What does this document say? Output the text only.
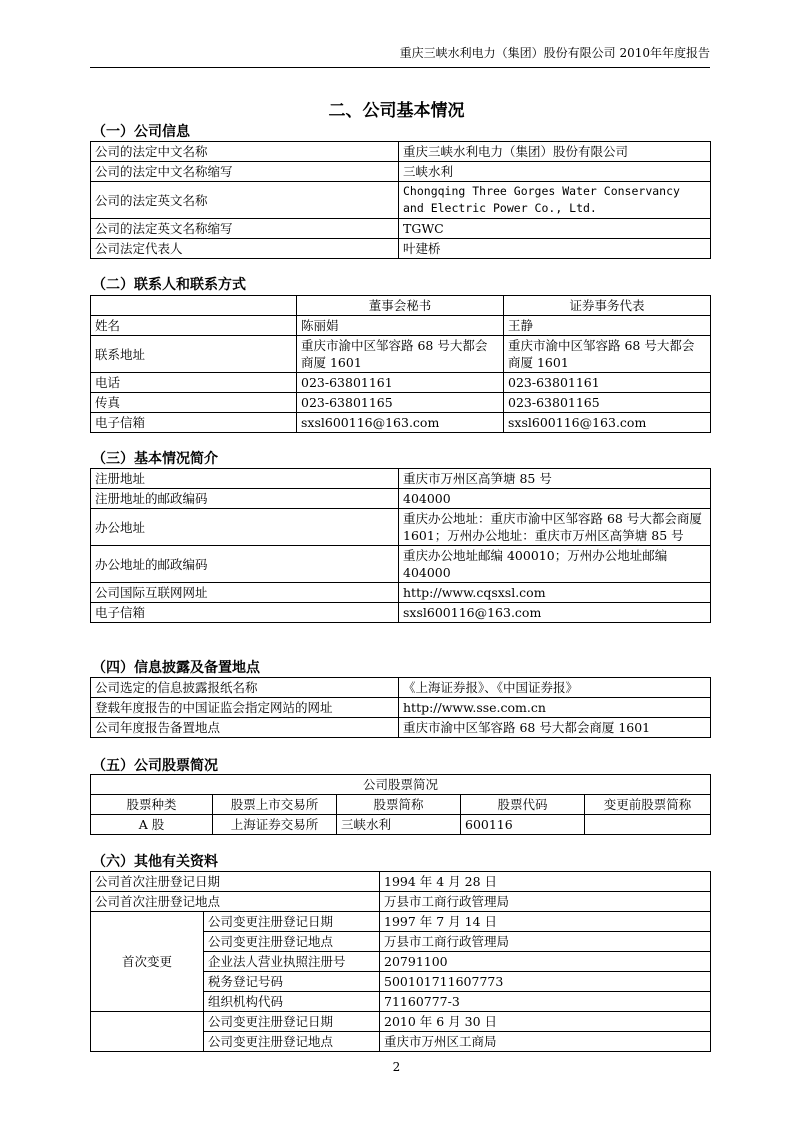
重庆三峡水利电力（集团）股份有限公司 2010年年度报告
二、公司基本情况
（一）公司信息
公司的法定中文名称	重庆三峡水利电力（集团）股份有限公司
公司的法定中文名称缩写	三峡水利
公司的法定英文名称	Chongqing Three Gorges Water Conservancy and Electric Power Co., Ltd.
公司的法定英文名称缩写	TGWC
公司法定代表人	叶建桥
（二）联系人和联系方式
	董事会秘书	证券事务代表
姓名	陈丽娟	王静
联系地址	重庆市渝中区邹容路 68 号大都会商厦 1601	重庆市渝中区邹容路 68 号大都会商厦 1601
电话	023-63801161	023-63801161
传真	023-63801165	023-63801165
电子信箱	sxsl600116@163.com	sxsl600116@163.com
（三）基本情况简介
注册地址	重庆市万州区高笋塘 85 号
注册地址的邮政编码	404000
办公地址	重庆办公地址：重庆市渝中区邹容路 68 号大都会商厦 1601；万州办公地址：重庆市万州区高笋塘 85 号
办公地址的邮政编码	重庆办公地址邮编 400010；万州办公地址邮编 404000
公司国际互联网网址	http://www.cqsxsl.com
电子信箱	sxsl600116@163.com
（四）信息披露及备置地点
公司选定的信息披露报纸名称	《上海证券报》、《中国证券报》
登载年度报告的中国证监会指定网站的网址	http://www.sse.com.cn
公司年度报告备置地点	重庆市渝中区邹容路 68 号大都会商厦 1601
（五）公司股票简况
公司股票简况				
股票种类	股票上市交易所	股票简称	股票代码	变更前股票简称
A 股	上海证券交易所	三峡水利	600116	
（六）其他有关资料
公司首次注册登记日期		1994 年 4 月 28 日
公司首次注册登记地点		万县市工商行政管理局
首次变更	公司变更注册登记日期	1997 年 7 月 14 日
	公司变更注册登记地点	万县市工商行政管理局
	企业法人营业执照注册号	20791100
	税务登记号码	500101711607773
	组织机构代码	71160777-3
	公司变更注册登记日期	2010 年 6 月 30 日
	公司变更注册登记地点	重庆市万州区工商局
2
